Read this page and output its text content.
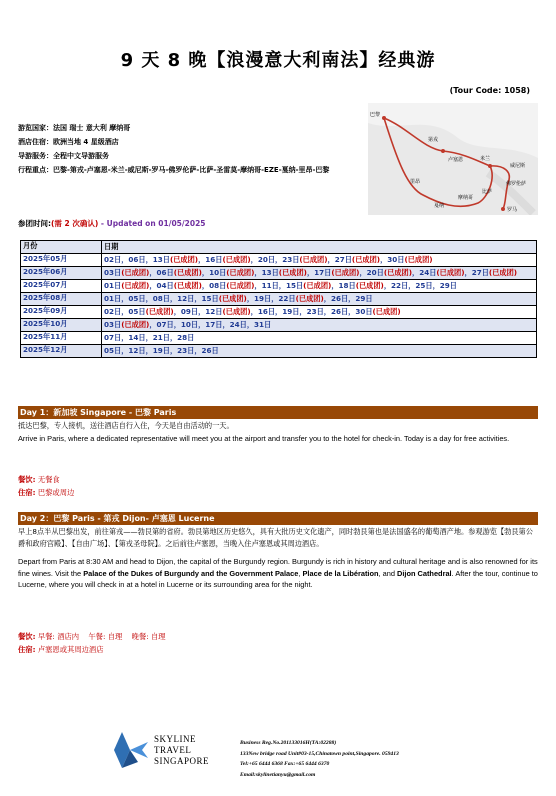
9 天 8 晚【浪漫意大利南法】经典游
(Tour Code: 1058)
游览国家：法国 瑞士 意大利 摩纳哥
酒店住宿：欧洲当地 4 星级酒店
导游服务：全程中文导游服务
行程重点：巴黎-第戎-卢塞恩-米兰-威尼斯-罗马-佛罗伦萨-比萨-圣雷莫-摩纳哥-EZE-戛纳-里昂-巴黎
巴黎
第戎
卢塞恩	米兰
威尼斯
佛罗伦萨
比萨
罗马
戛纳
摩纳哥
里昂
参团时间:(需 2 次确认) - Updated on 01/05/2025
月份	日期
2025年05月	02日，06日，13日(已成团)，16日(已成团)，20日，23日(已成团)，27日(已成团)，30日(已成团)
2025年06月	03日(已成团)，06日(已成团)，10日(已成团)，13日(已成团)，17日(已成团)，20日(已成团)，24日(已成团)，27日(已成团)
2025年07月	01日(已成团)，04日(已成团)，08日(已成团)，11日，15日(已成团)，18日(已成团)，22日，25日，29日
2025年08月	01日，05日，08日，12日，15日(已成团)，19日，22日(已成团)，26日，29日
2025年09月	02日，05日(已成团)，09日，12日(已成团)，16日，19日，23日，26日，30日(已成团)
2025年10月	03日(已成团)，07日，10日，17日，24日，31日
2025年11月	07日，14日，21日，28日
2025年12月	05日，12日，19日，23日，26日
Day 1：新加坡 Singapore - 巴黎 Paris
抵达巴黎，专人接机，送往酒店自行入住，今天是自由活动的一天。
Arrive in Paris, where a dedicated representative will meet you at the airport and transfer you to the hotel for check-in. Today is a day for free activities.
餐饮: 无餐食
住宿: 巴黎或周边
Day 2：巴黎 Paris - 第戎 Dijon- 卢塞恩 Lucerne
早上8点半从巴黎出发，前往第戎——勃艮第的省府。勃艮第地区历史悠久，具有大批历史文化遗产，同时勃艮第也是法国盛名的葡萄酒产地。参观游览【勃艮第公爵和政府宫殿】、【自由广场】、【第戎圣母院】。之后前往卢塞恩，当晚入住卢塞恩或其周边酒店。
Depart from Paris at 8:30 AM and head to Dijon, the capital of the Burgundy region. Burgundy is rich in history and cultural heritage and is also renowned for its fine wines. Visit the Palace of the Dukes of Burgundy and the Government Palace, Place de la Libération, and Dijon Cathedral. After the tour, continue to Lucerne, where you will check in at a hotel in Lucerne or its surrounding area for the night.
餐饮: 早餐: 酒店内 午餐: 自理 晚餐: 自理
住宿: 卢塞恩或其周边酒店
SKYLINE
TRAVEL
SINGAPORE
Business Reg.No.201133016H(TA:02288)
133New bridge road Unit#03-15,Chinatown point,Singapore. 059413
Tel:+65 6444 6368 Fax:+65 6444 6370
Email:skylinetianyu@gmail.com
